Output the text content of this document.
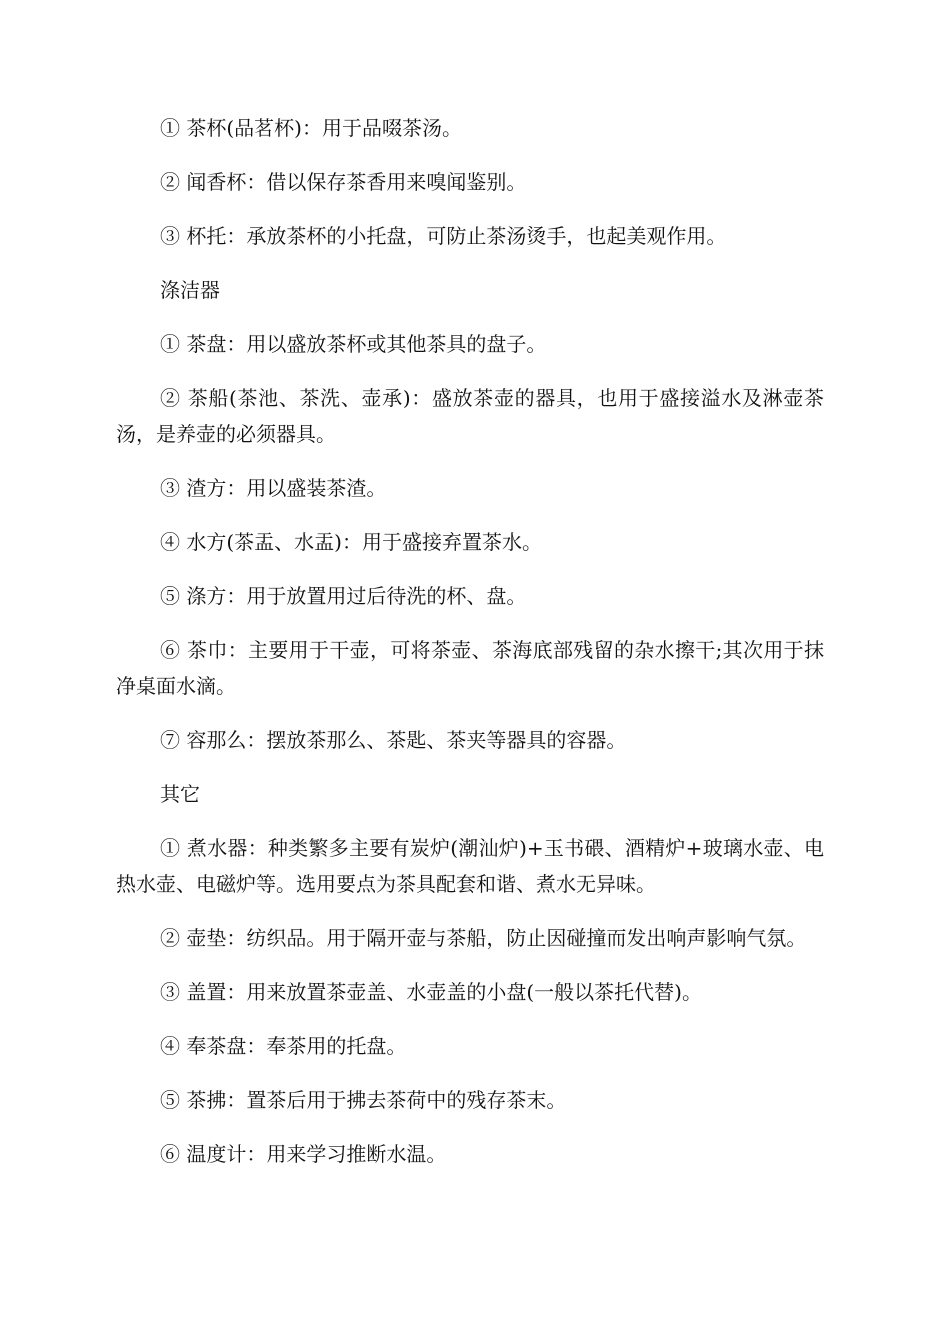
① 茶杯(品茗杯)：用于品啜茶汤。

② 闻香杯：借以保存茶香用来嗅闻鉴别。

③ 杯托：承放茶杯的小托盘，可防止茶汤烫手，也起美观作用。

涤洁器

① 茶盘：用以盛放茶杯或其他茶具的盘子。

② 茶船(茶池、茶洗、壶承)：盛放茶壶的器具，也用于盛接溢水及淋壶茶汤，是养壶的必须器具。

③ 渣方：用以盛装茶渣。

④ 水方(茶盂、水盂)：用于盛接弃置茶水。

⑤ 涤方：用于放置用过后待洗的杯、盘。

⑥ 茶巾：主要用于干壶，可将茶壶、茶海底部残留的杂水擦干;其次用于抹净桌面水滴。

⑦ 容那么：摆放茶那么、茶匙、茶夹等器具的容器。

其它

① 煮水器：种类繁多主要有炭炉(潮汕炉)+玉书碨、酒精炉+玻璃水壶、电热水壶、电磁炉等。选用要点为茶具配套和谐、煮水无异味。

② 壶垫：纺织品。用于隔开壶与茶船，防止因碰撞而发出响声影响气氛。

③ 盖置：用来放置茶壶盖、水壶盖的小盘(一般以茶托代替)。

④ 奉茶盘：奉茶用的托盘。

⑤ 茶拂：置茶后用于拂去茶荷中的残存茶末。

⑥ 温度计：用来学习推断水温。
